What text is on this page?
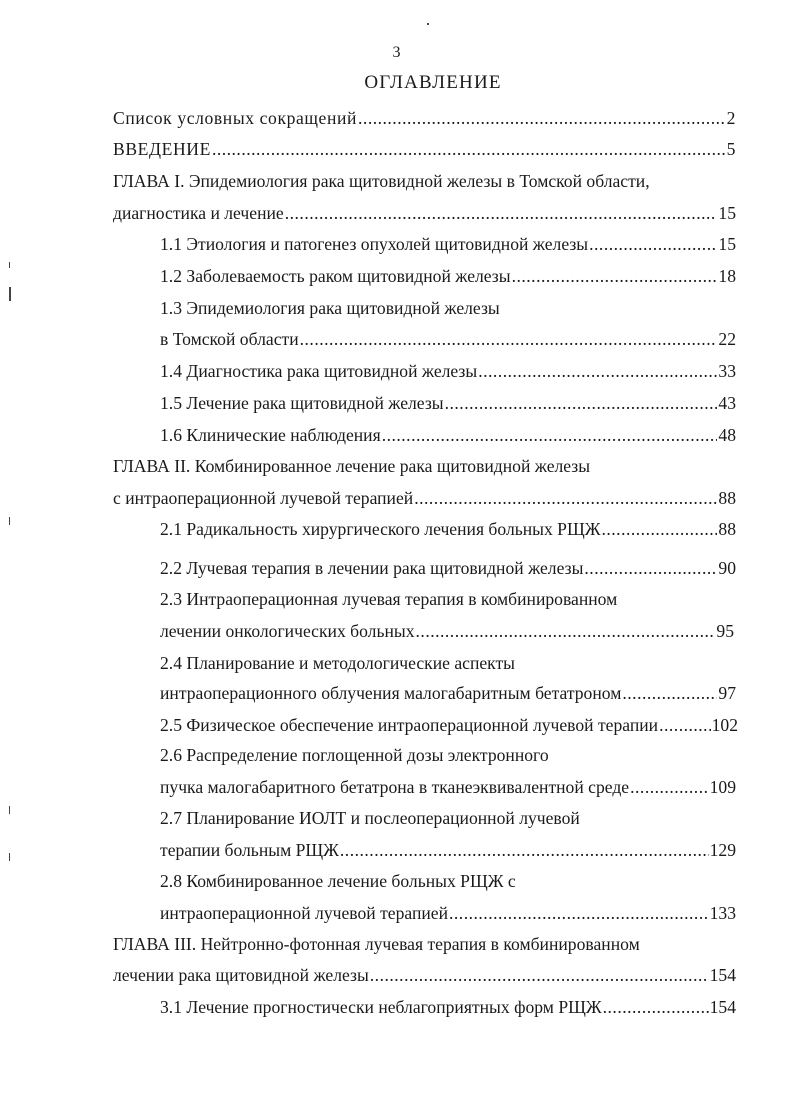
3
ОГЛАВЛЕНИЕ
Список условных сокращений .....	2
ВВЕДЕНИЕ .....	5
ГЛАВА I. Эпидемиология рака щитовидной железы в Томской области,
диагностика и лечение .....	15
1.1 Этиология и патогенез опухолей щитовидной железы .....	15
1.2 Заболеваемость раком щитовидной железы .....	18
1.3 Эпидемиология рака щитовидной железы
в Томской области .....	22
1.4 Диагностика рака щитовидной железы .....	33
1.5 Лечение рака щитовидной железы .....	43
1.6 Клинические наблюдения .....	48
ГЛАВА II. Комбинированное лечение рака щитовидной железы
с интраоперационной лучевой терапией .....	88
2.1 Радикальность хирургического лечения больных РЩЖ .....	88
2.2 Лучевая терапия в лечении рака щитовидной железы .....	90
2.3 Интраоперационная лучевая терапия в комбинированном
лечении онкологических больных .....	95
2.4 Планирование и методологические аспекты
интраоперационного облучения малогабаритным бетатроном .....	97
2.5 Физическое обеспечение интраоперационной лучевой терапии .....	102
2.6 Распределение поглощенной дозы электронного
пучка малогабаритного бетатрона в тканеэквивалентной среде .....	109
2.7 Планирование ИОЛТ и послеоперационной лучевой
терапии больным РЩЖ .....	129
2.8 Комбинированное лечение больных РЩЖ с
интраоперационной лучевой терапией .....	133
ГЛАВА III. Нейтронно-фотонная лучевая терапия в комбинированном
лечении рака щитовидной железы .....	154
3.1 Лечение прогностически неблагоприятных форм РЩЖ .....	154
